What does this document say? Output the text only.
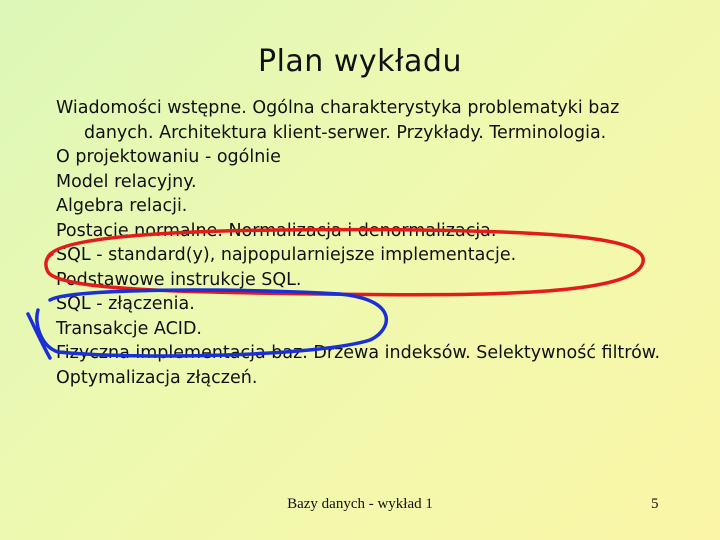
Plan wykładu
Wiadomości wstępne. Ogólna charakterystyka problematyki baz danych. Architektura klient-serwer. Przykłady. Terminologia.
O projektowaniu - ogólnie
Model relacyjny.
Algebra relacji.
Postacie normalne. Normalizacja i denormalizacja.
SQL - standard(y), najpopularniejsze implementacje.
Podstawowe instrukcje SQL.
SQL - złączenia.
Transakcje ACID.
Fizyczna implementacja baz. Drzewa indeksów. Selektywność filtrów.
Optymalizacja złączeń.
Bazy danych - wykład 1	5
